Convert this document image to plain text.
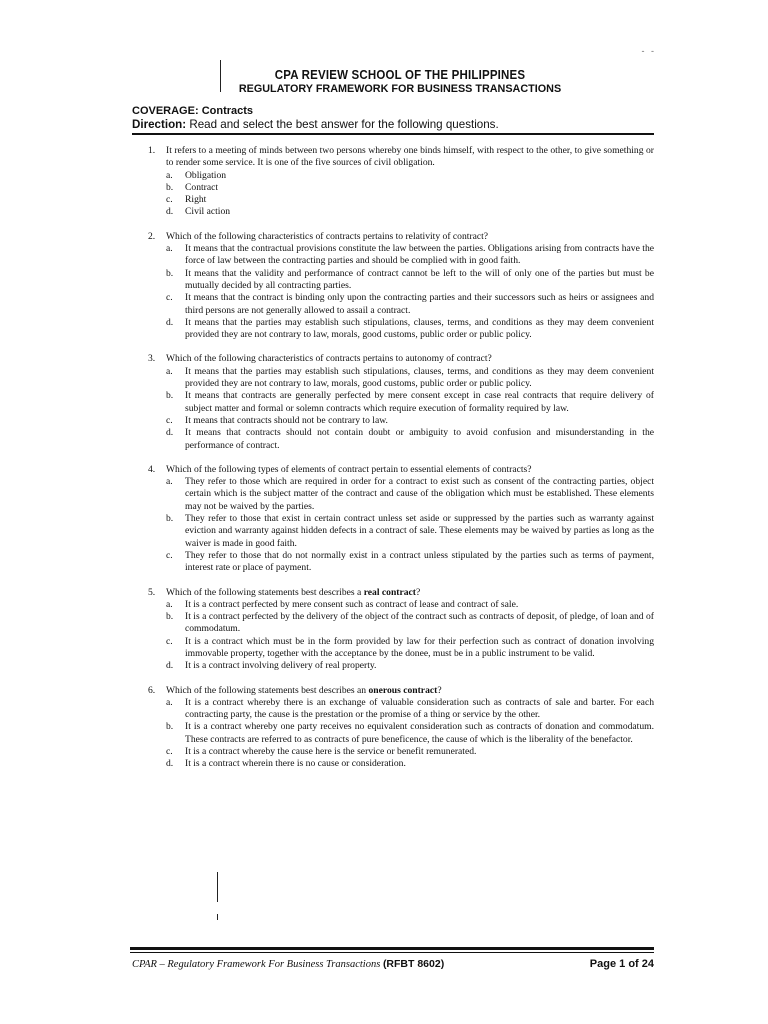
- -
CPA REVIEW SCHOOL OF THE PHILIPPINES
REGULATORY FRAMEWORK FOR BUSINESS TRANSACTIONS
COVERAGE: Contracts
Direction: Read and select the best answer for the following questions.
1.	It refers to a meeting of minds between two persons whereby one binds himself, with respect to the other, to give something or to render some service. It is one of the five sources of civil obligation.
a.	Obligation
b.	Contract
c.	Right
d.	Civil action
2.	Which of the following characteristics of contracts pertains to relativity of contract?
a.	It means that the contractual provisions constitute the law between the parties. Obligations arising from contracts have the force of law between the contracting parties and should be complied with in good faith.
b.	It means that the validity and performance of contract cannot be left to the will of only one of the parties but must be mutually decided by all contracting parties.
c.	It means that the contract is binding only upon the contracting parties and their successors such as heirs or assignees and third persons are not generally allowed to assail a contract.
d.	It means that the parties may establish such stipulations, clauses, terms, and conditions as they may deem convenient provided they are not contrary to law, morals, good customs, public order or public policy.
3.	Which of the following characteristics of contracts pertains to autonomy of contract?
a.	It means that the parties may establish such stipulations, clauses, terms, and conditions as they may deem convenient provided they are not contrary to law, morals, good customs, public order or public policy.
b.	It means that contracts are generally perfected by mere consent except in case real contracts that require delivery of subject matter and formal or solemn contracts which require execution of formality required by law.
c.	It means that contracts should not be contrary to law.
d.	It means that contracts should not contain doubt or ambiguity to avoid confusion and misunderstanding in the performance of contract.
4.	Which of the following types of elements of contract pertain to essential elements of contracts?
a.	They refer to those which are required in order for a contract to exist such as consent of the contracting parties, object certain which is the subject matter of the contract and cause of the obligation which must be established. These elements may not be waived by the parties.
b.	They refer to those that exist in certain contract unless set aside or suppressed by the parties such as warranty against eviction and warranty against hidden defects in a contract of sale. These elements may be waived by parties as long as the waiver is made in good faith.
c.	They refer to those that do not normally exist in a contract unless stipulated by the parties such as terms of payment, interest rate or place of payment.
5.	Which of the following statements best describes a real contract?
a.	It is a contract perfected by mere consent such as contract of lease and contract of sale.
b.	It is a contract perfected by the delivery of the object of the contract such as contracts of deposit, of pledge, of loan and of commodatum.
c.	It is a contract which must be in the form provided by law for their perfection such as contract of donation involving immovable property, together with the acceptance by the donee, must be in a public instrument to be valid.
d.	It is a contract involving delivery of real property.
6.	Which of the following statements best describes an onerous contract?
a.	It is a contract whereby there is an exchange of valuable consideration such as contracts of sale and barter. For each contracting party, the cause is the prestation or the promise of a thing or service by the other.
b.	It is a contract whereby one party receives no equivalent consideration such as contracts of donation and commodatum. These contracts are referred to as contracts of pure beneficence, the cause of which is the liberality of the benefactor.
c.	It is a contract whereby the cause here is the service or benefit remunerated.
d.	It is a contract wherein there is no cause or consideration.
CPAR – Regulatory Framework For Business Transactions (RFBT 8602)	Page 1 of 24
